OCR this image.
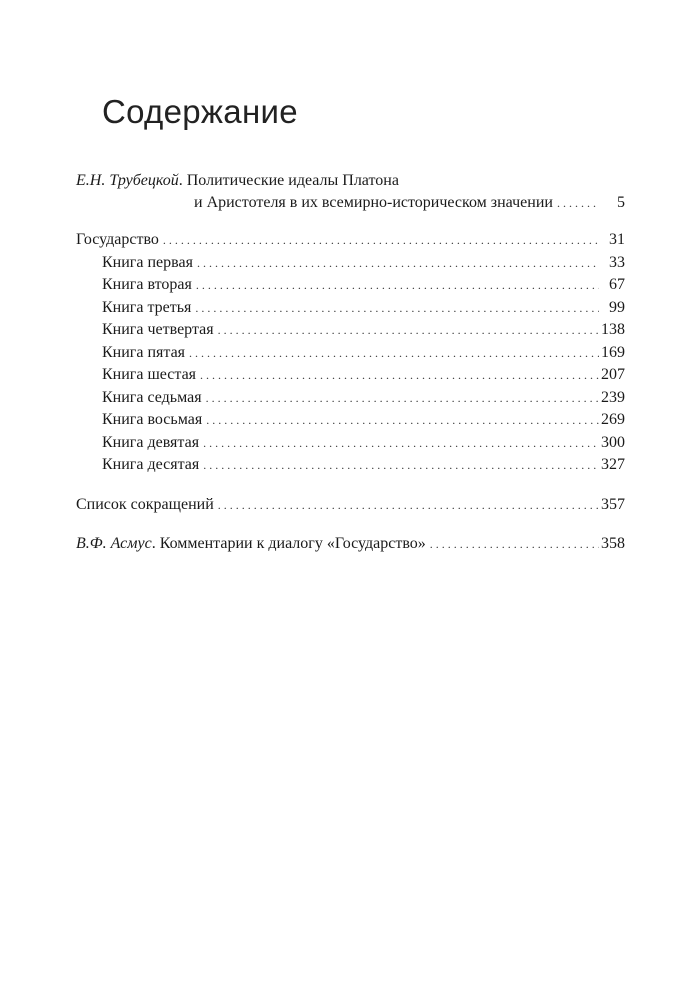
Содержание
Е.Н. Трубецкой. Политические идеалы Платона
и Аристотеля в их всемирно-историческом значении . . .	5
Государство . . .	31
Книга первая . . .	33
Книга вторая . . .	67
Книга третья . . .	99
Книга четвертая . . .	138
Книга пятая . . .	169
Книга шестая . . .	207
Книга седьмая . . .	239
Книга восьмая . . .	269
Книга девятая . . .	300
Книга десятая . . .	327
Список сокращений . . .	357
В.Ф. Асмус. Комментарии к диалогу «Государство» . . .	358
